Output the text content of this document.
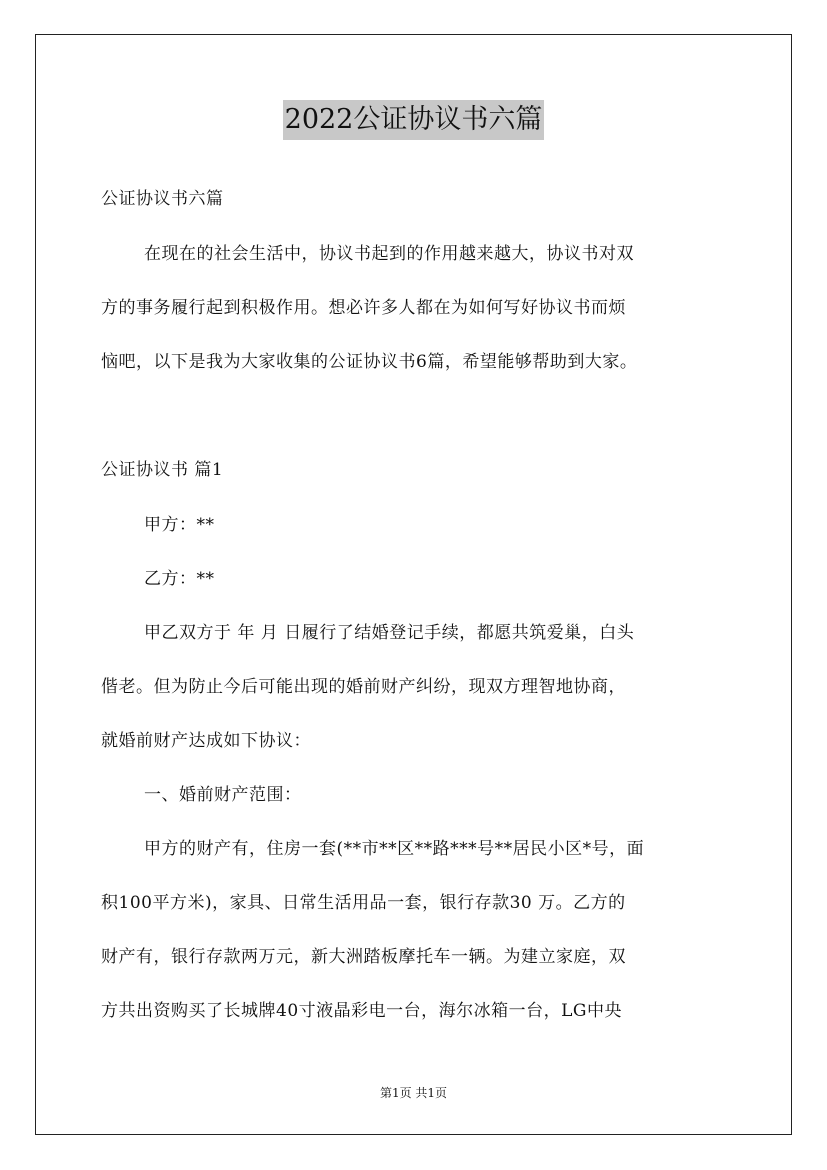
2022公证协议书六篇
公证协议书六篇
在现在的社会生活中，协议书起到的作用越来越大，协议书对双
方的事务履行起到积极作用。想必许多人都在为如何写好协议书而烦
恼吧，以下是我为大家收集的公证协议书6篇，希望能够帮助到大家。
公证协议书 篇1
甲方：**
乙方：**
甲乙双方于 年 月 日履行了结婚登记手续，都愿共筑爱巢，白头
偕老。但为防止今后可能出现的婚前财产纠纷，现双方理智地协商，
就婚前财产达成如下协议：
一、婚前财产范围：
甲方的财产有，住房一套(**市**区**路***号**居民小区*号，面
积100平方米)，家具、日常生活用品一套，银行存款30 万。乙方的
财产有，银行存款两万元，新大洲踏板摩托车一辆。为建立家庭，双
方共出资购买了长城牌40寸液晶彩电一台，海尔冰箱一台，LG中央
第1页 共1页
